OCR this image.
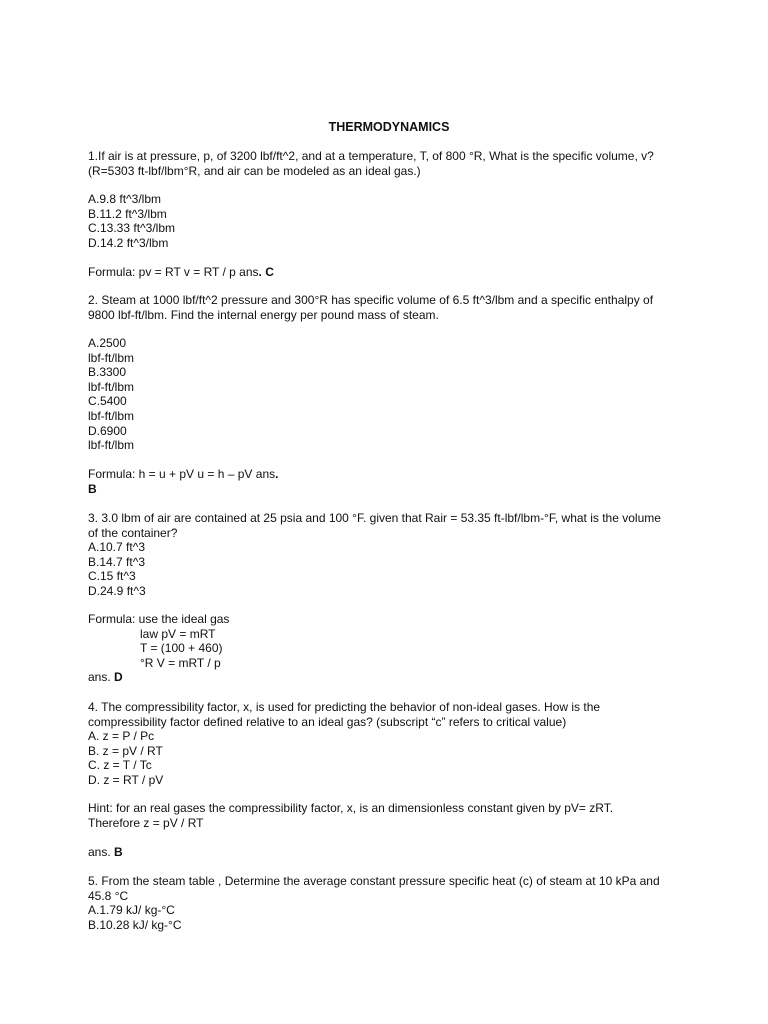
THERMODYNAMICS
1.If air is at pressure, p, of 3200 lbf/ft^2, and at a temperature, T, of 800 °R, What is the specific volume, v?
(R=5303 ft-lbf/lbm°R, and air can be modeled as an ideal gas.)
A.9.8 ft^3/lbm
B.11.2 ft^3/lbm
C.13.33 ft^3/lbm
D.14.2 ft^3/lbm
Formula: pv = RT v = RT / p ans. C
2. Steam at 1000 lbf/ft^2 pressure and 300°R has specific volume of 6.5 ft^3/lbm and a specific enthalpy of
9800 lbf-ft/lbm. Find the internal energy per pound mass of steam.
A.2500
lbf-ft/lbm
B.3300
lbf-ft/lbm
C.5400
lbf-ft/lbm
D.6900
lbf-ft/lbm
Formula: h = u + pV u = h – pV ans.
B
3. 3.0 lbm of air are contained at 25 psia and 100 °F. given that Rair = 53.35 ft-lbf/lbm-°F, what is the volume
of the container?
A.10.7 ft^3
B.14.7 ft^3
C.15 ft^3
D.24.9 ft^3
Formula: use the ideal gas
law pV = mRT
T = (100 + 460)
°R V = mRT / p
ans. D
4. The compressibility factor, x, is used for predicting the behavior of non-ideal gases. How is the
compressibility factor defined relative to an ideal gas? (subscript “c” refers to critical value)
A. z = P / Pc
B. z = pV / RT
C. z = T / Tc
D. z = RT / pV
Hint: for an real gases the compressibility factor, x, is an dimensionless constant given by pV= zRT.
Therefore z = pV / RT
ans. B
5. From the steam table , Determine the average constant pressure specific heat (c) of steam at 10 kPa and
45.8 °C
A.1.79 kJ/ kg-°C
B.10.28 kJ/ kg-°C
